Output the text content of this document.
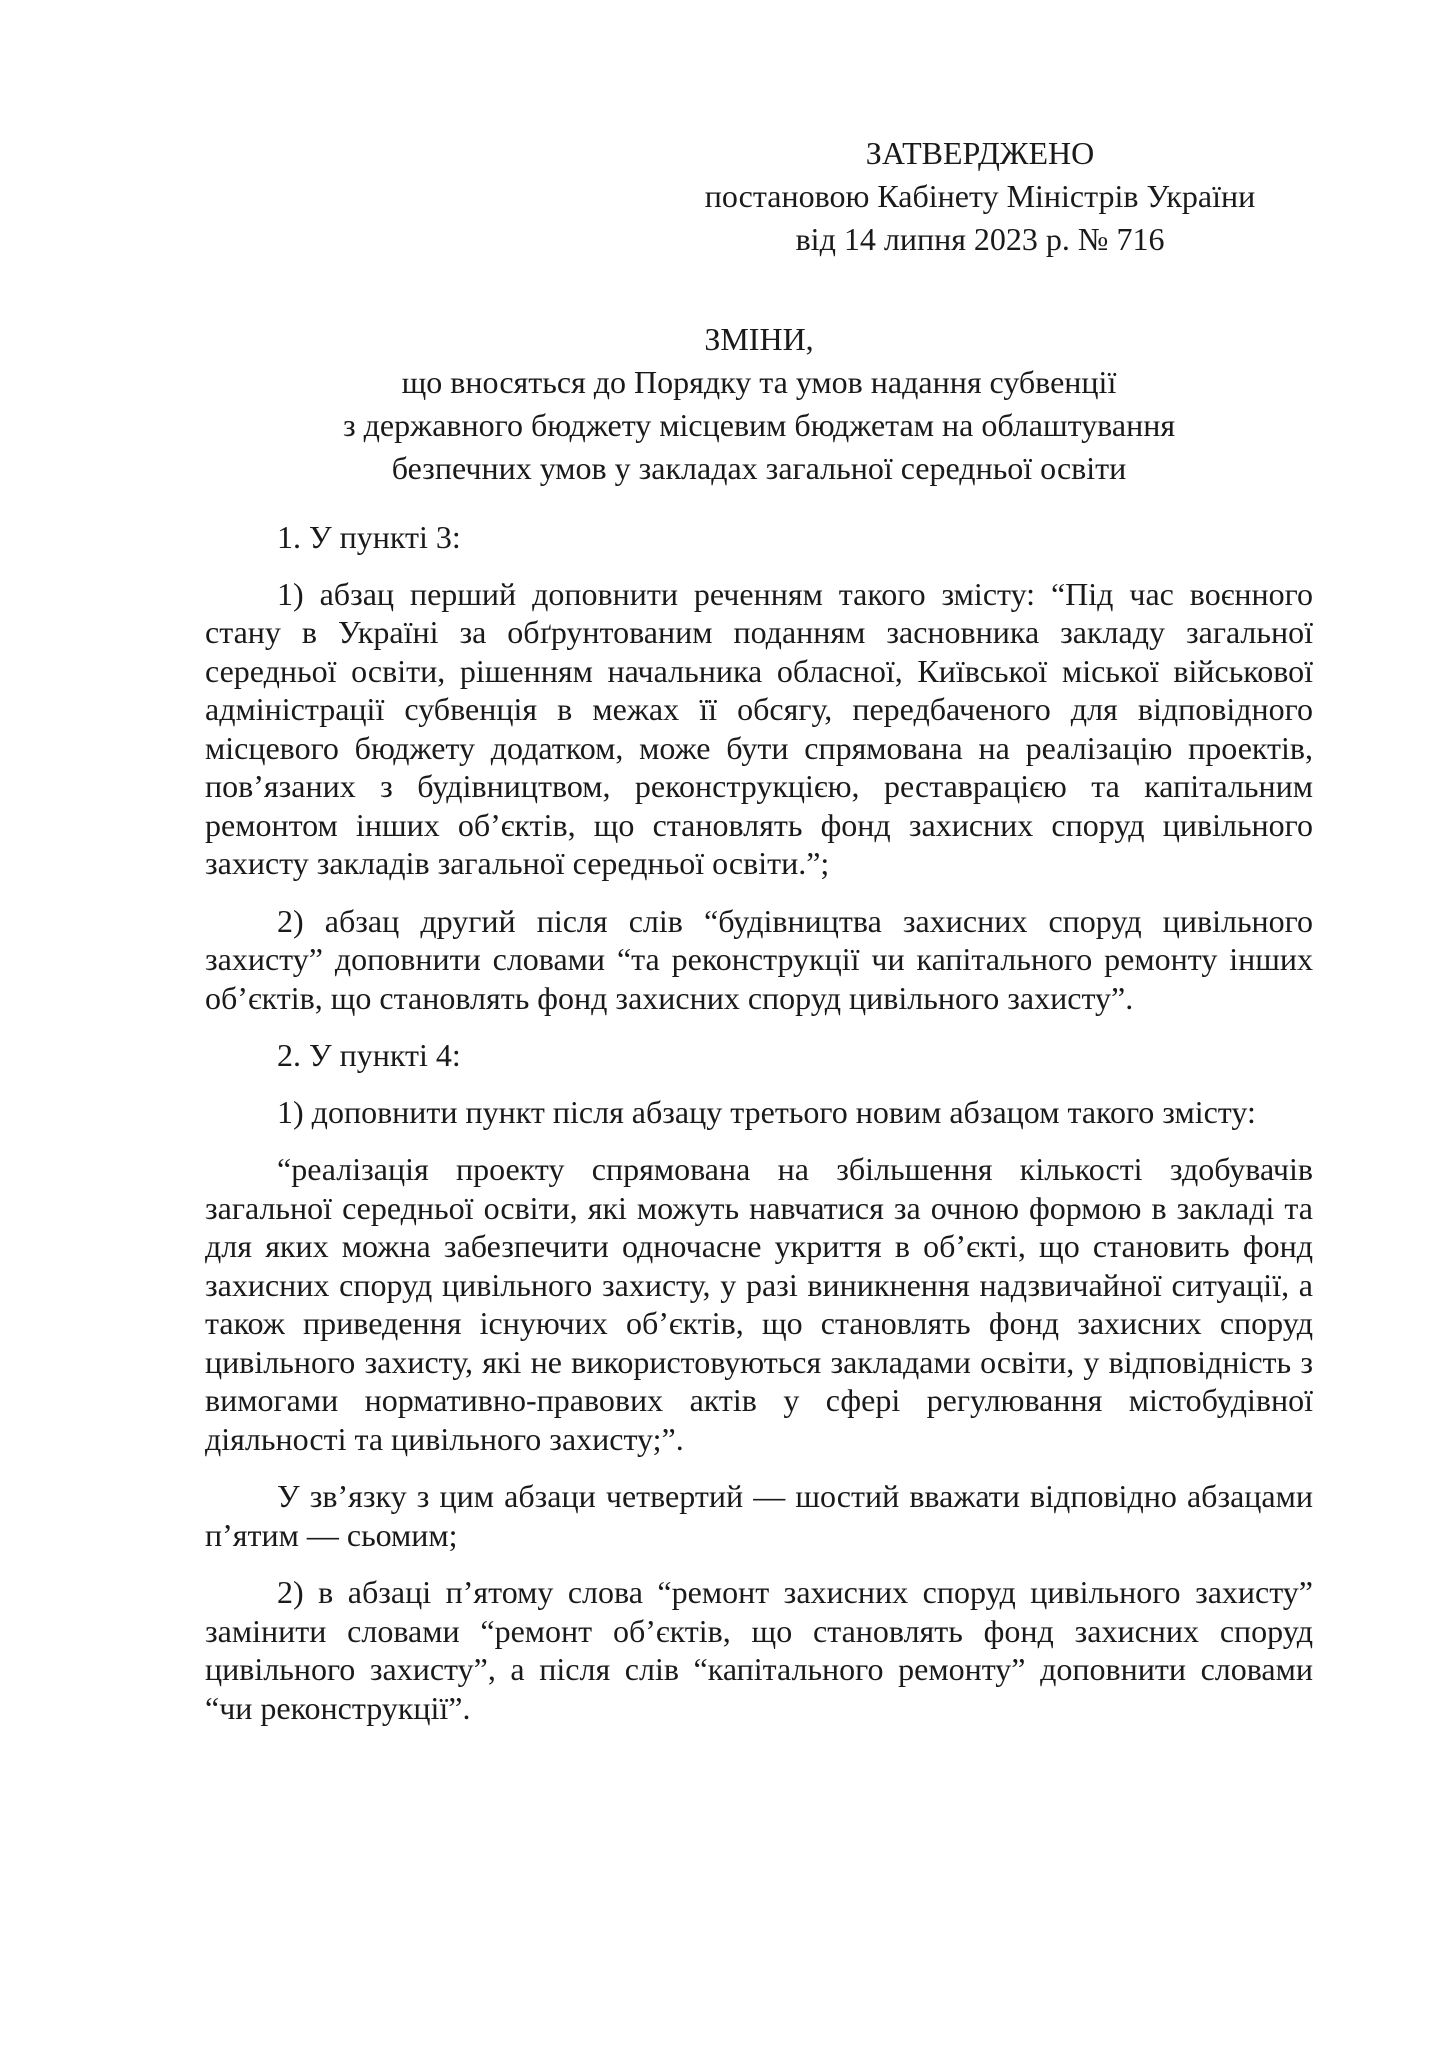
ЗАТВЕРДЖЕНО
постановою Кабінету Міністрів України
від 14 липня 2023 р. № 716
ЗМІНИ,
що вносяться до Порядку та умов надання субвенції
з державного бюджету місцевим бюджетам на облаштування
безпечних умов у закладах загальної середньої освіти

1. У пункті 3:

1) абзац перший доповнити реченням такого змісту: “Під час воєнного стану в Україні за обґрунтованим поданням засновника закладу загальної середньої освіти, рішенням начальника обласної, Київської міської військової адміністрації субвенція в межах її обсягу, передбаченого для відповідного місцевого бюджету додатком, може бути спрямована на реалізацію проектів, пов’язаних з будівництвом, реконструкцією, реставрацією та капітальним ремонтом інших об’єктів, що становлять фонд захисних споруд цивільного захисту закладів загальної середньої освіти.”;

2) абзац другий після слів “будівництва захисних споруд цивільного захисту” доповнити словами “та реконструкції чи капітального ремонту інших об’єктів, що становлять фонд захисних споруд цивільного захисту”.

2. У пункті 4:

1) доповнити пункт після абзацу третього новим абзацом такого змісту:

“реалізація проекту спрямована на збільшення кількості здобувачів загальної середньої освіти, які можуть навчатися за очною формою в закладі та для яких можна забезпечити одночасне укриття в об’єкті, що становить фонд захисних споруд цивільного захисту, у разі виникнення надзвичайної ситуації, а також приведення існуючих об’єктів, що становлять фонд захисних споруд цивільного захисту, які не використовуються закладами освіти, у відповідність з вимогами нормативно-правових актів у сфері регулювання містобудівної діяльності та цивільного захисту;”.

У зв’язку з цим абзаци четвертий — шостий вважати відповідно абзацами п’ятим — сьомим;

2) в абзаці п’ятому слова “ремонт захисних споруд цивільного захисту” замінити словами “ремонт об’єктів, що становлять фонд захисних споруд цивільного захисту”, а після слів “капітального ремонту” доповнити словами “чи реконструкції”.
